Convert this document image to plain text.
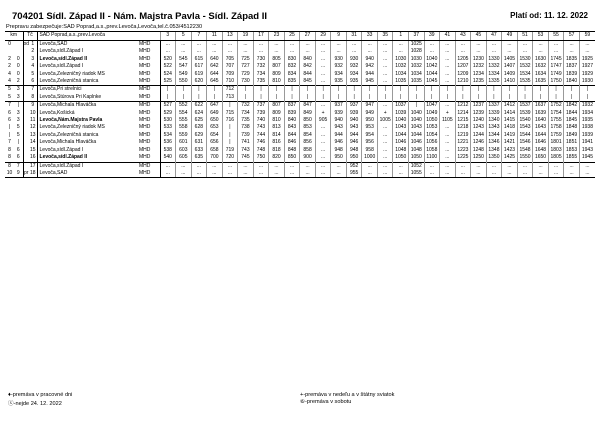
704201 Sídl. Západ II - Nám. Majstra Pavla - Sídl. Západ II	Platí od: 11. 12. 2022
Prepravu zabezpečuje:SAD Poprad,a.s.,prev.Levoča,Levoča,tel.č.053/4512230
km		Tč		SAD Poprad,a.s.,prev.Levoča		3	5	7	11	13	19	17	23	25	27	29	9	31	33	35	1	37	39	41	43	45	47	49	51	53	55	57	59
0		od	1	Levoča,SAD	MHD	...	...	...	...	...	...	...	...	...	...	...	...	...	...	...	...	1025	...	...	...	...	...	...	...	...	...	...	...
			2	Levoča,sídl.Západ I	MHD	...	...	...	...	...	...	...	...	...	...	...	...	...	...	...	...	1028	...	...	...	...	...	...	...	...	...	...	...
2	0		3	Levoča,sídl.Západ II	MHD	520	545	615	640	705	725	730	805	830	840	...	930	930	940	...	1030	1030	1040	...	1205	1230	1330	1405	1530	1630	1745	1835	1925
2	0		4	Levoča,sídl.Západ I	MHD	522	547	617	642	707	727	732	807	832	842	...	932	932	942	...	1032	1032	1042	...	1207	1232	1332	1407	1532	1632	1747	1837	1927
4	0		5	Levoča,Železničný riadok MŠ	MHD	524	549	619	644	709	729	734	809	834	844	...	934	934	944	...	1034	1034	1044	...	1209	1234	1334	1409	1534	1634	1749	1839	1929
4	2		6	Levoča,Železničná stanica	MHD	525	550	620	645	710	730	735	810	835	845	...	935	935	945	...	1035	1035	1045	...	1210	1235	1335	1410	1535	1635	1750	1840	1930
5	3		7	Levoča,Pri strelnici	MHD	|	|	|	|	712	|	|	|	|	|	|	|	|	|	|	|	|	|	|	|	|	|	|	|	|	|	|	|
5	3		8	Levoča,Štúrova Pri Kaplnke	MHD	|	|	|	|	713	|	|	|	|	|	|	|	|	|	|	|	|	|	|	|	|	|	|	|	|	|	|	|
7	|		9	Levoča,Michala Hlaváčka	MHD	527	552	622	647	|	732	737	807	837	847	...	937	937	947	...	1037	|	1047	...	1212	1237	1337	1412	1537	1637	1752	1842	1932
6	3		10	Levoča,Košická	MHD	529	554	624	649	715	734	739	809	839	849	+	939	939	949	+	1039	1040	1049	+	1214	1239	1339	1414	1539	1639	1754	1844	1934
6	3		11	Levoča,Nám.Majstra Pavla	MHD	530	555	625	650	716	735	740	810	840	850	905	940	940	950	1005	1040	1040	1050	1105	1215	1240	1340	1415	1540	1640	1755	1845	1935
|	5		12	Levoča,Železničný riadok MŠ	MHD	533	558	628	653	|	738	743	813	843	853	...	943	943	953	...	1043	1043	1053	...	1218	1243	1343	1418	1543	1643	1758	1848	1938
|	5		13	Levoča,Železničná stanica	MHD	534	559	629	654	|	739	744	814	844	854	...	944	944	954	...	1044	1044	1054	...	1219	1244	1344	1419	1544	1644	1759	1849	1939
7	|		14	Levoča,Michala Hlaváčka	MHD	536	601	631	656	|	741	746	816	846	856	...	946	946	956	...	1046	1046	1056	...	1221	1246	1346	1421	1546	1646	1801	1851	1941
8	6		15	Levoča,sídl.Západ I	MHD	538	603	633	658	719	743	748	818	848	858	...	948	948	958	...	1048	1048	1058	...	1223	1248	1348	1423	1548	1648	1803	1853	1943
8	6		16	Levoča,sídl.Západ II	MHD	540	605	635	700	720	745	750	820	850	900	...	950	950	1000	...	1050	1050	1100	...	1225	1250	1350	1425	1550	1650	1805	1855	1945
8	7		17	Levoča,sídl.Západ I	MHD	...	...	...	...	...	...	...	...	...	...	...	...	952	...	...	...	1052	...	...	...	...	...	...	...	...	...	...	...
10	9	pr	18	Levoča,SAD	MHD	...	...	...	...	...	...	...	...	...	...	...	...	955	...	...	...	1055	...	...	...	...	...	...	...	...	...	...	...
♦-premáva v pracovné dni
ⓧ-nejde 24. 12. 2022
+-premáva v nedeľu a v štátny sviatok
⑥-premáva v sobotu
